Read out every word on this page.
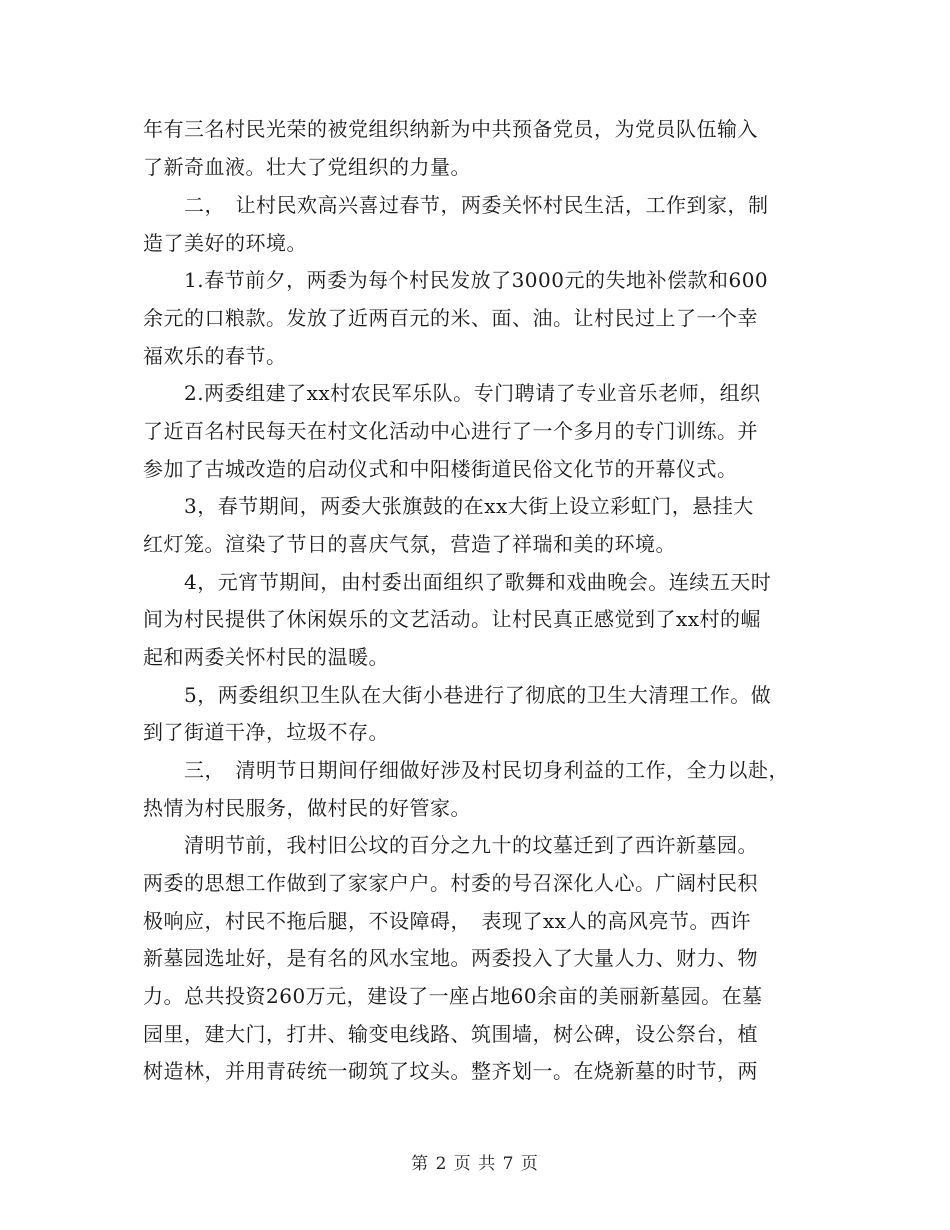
年有三名村民光荣的被党组织纳新为中共预备党员，为党员队伍输入
了新奇血液。壮大了党组织的力量。
　　二，　让村民欢高兴喜过春节，两委关怀村民生活，工作到家，制
造了美好的环境。
　　1.春节前夕，两委为每个村民发放了3000元的失地补偿款和600
余元的口粮款。发放了近两百元的米、面、油。让村民过上了一个幸
福欢乐的春节。
　　2.两委组建了xx村农民军乐队。专门聘请了专业音乐老师，组织
了近百名村民每天在村文化活动中心进行了一个多月的专门训练。并
参加了古城改造的启动仪式和中阳楼街道民俗文化节的开幕仪式。
　　3，春节期间，两委大张旗鼓的在xx大街上设立彩虹门，悬挂大
红灯笼。渲染了节日的喜庆气氛，营造了祥瑞和美的环境。
　　4，元宵节期间，由村委出面组织了歌舞和戏曲晚会。连续五天时
间为村民提供了休闲娱乐的文艺活动。让村民真正感觉到了xx村的崛
起和两委关怀村民的温暖。
　　5，两委组织卫生队在大街小巷进行了彻底的卫生大清理工作。做
到了街道干净，垃圾不存。
　　三，　清明节日期间仔细做好涉及村民切身利益的工作，全力以赴，
热情为村民服务，做村民的好管家。
　　清明节前，我村旧公坟的百分之九十的坟墓迁到了西许新墓园。
两委的思想工作做到了家家户户。村委的号召深化人心。广阔村民积
极响应，村民不拖后腿，不设障碍，　表现了xx人的高风亮节。西许
新墓园选址好，是有名的风水宝地。两委投入了大量人力、财力、物
力。总共投资260万元，建设了一座占地60余亩的美丽新墓园。在墓
园里，建大门，打井、输变电线路、筑围墙，树公碑，设公祭台，植
树造林，并用青砖统一砌筑了坟头。整齐划一。在烧新墓的时节，两
第 2 页 共 7 页
